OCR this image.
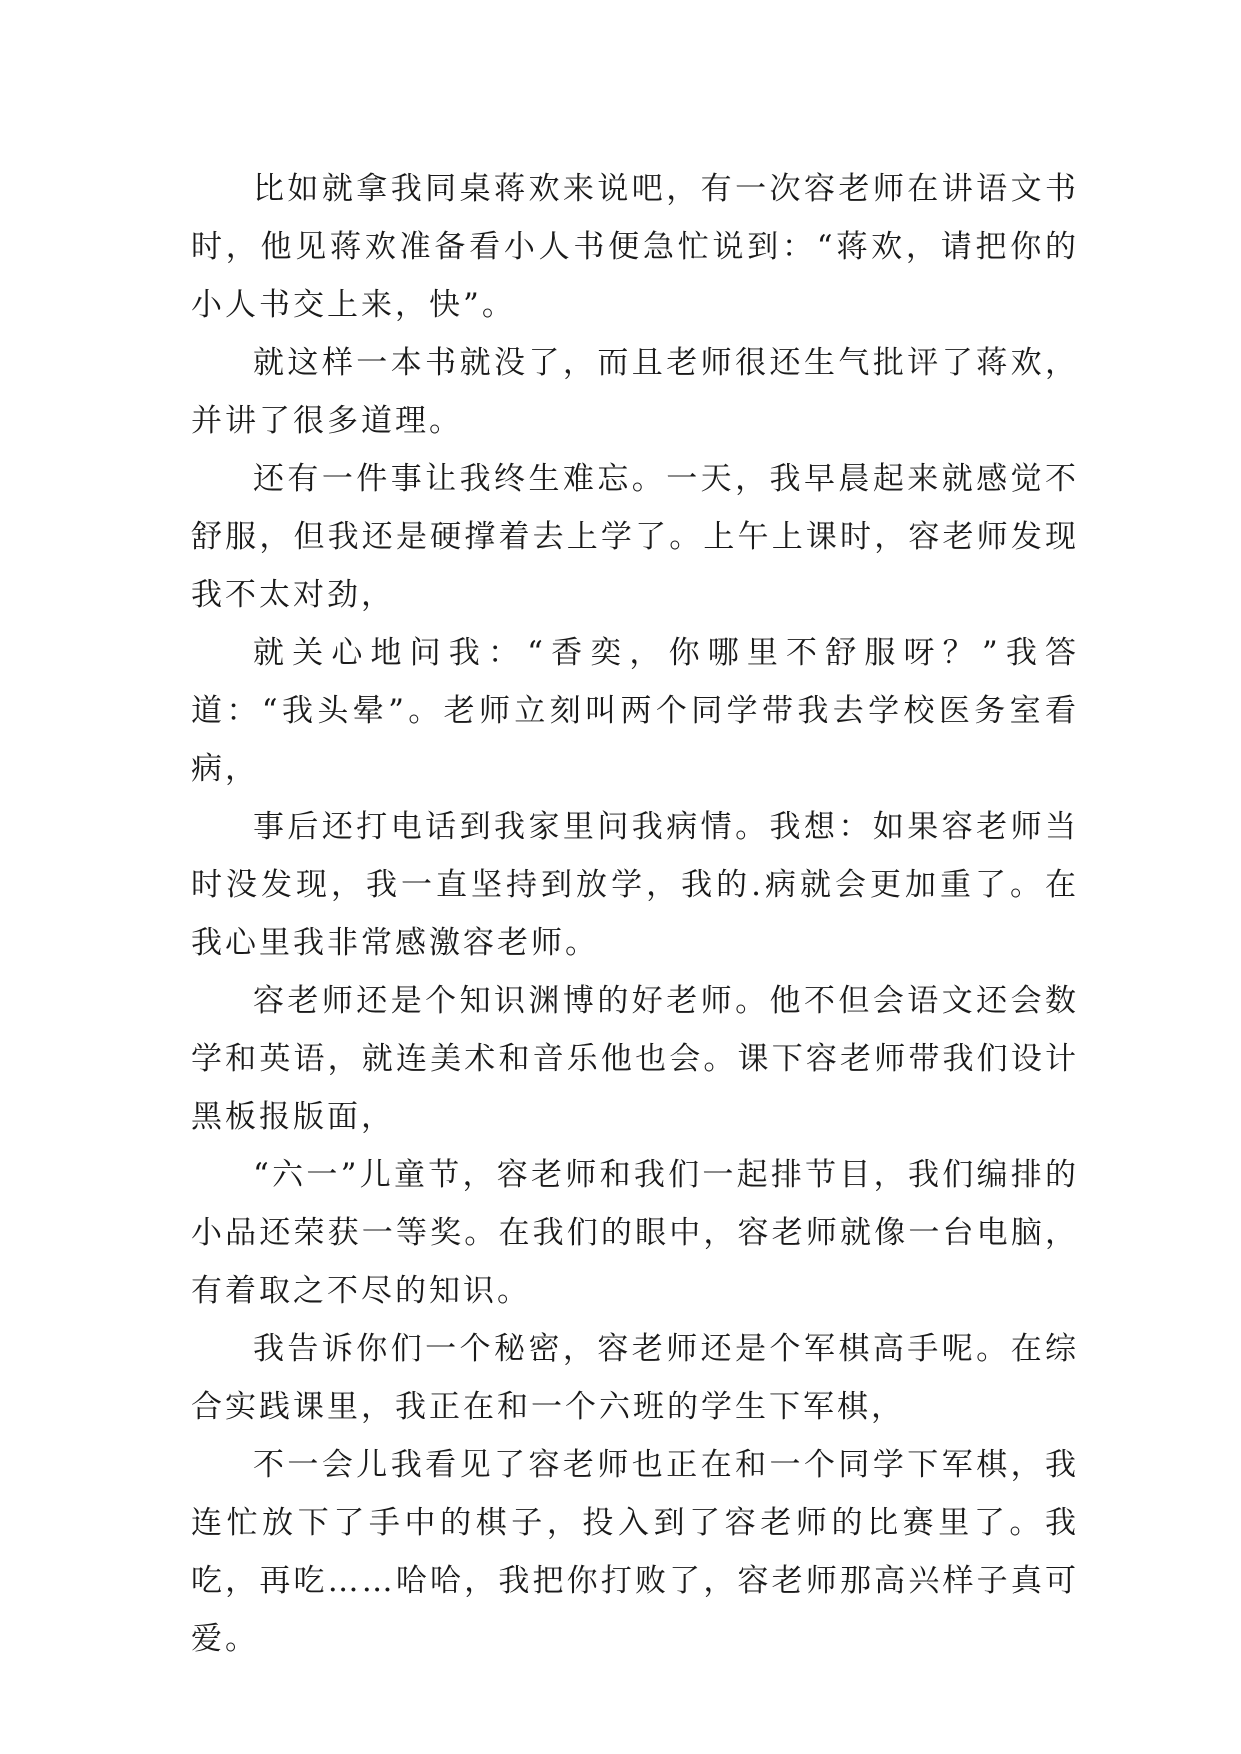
比如就拿我同桌蒋欢来说吧，有一次容老师在讲语文书时，他见蒋欢准备看小人书便急忙说到：“蒋欢，请把你的小人书交上来，快”。

就这样一本书就没了，而且老师很还生气批评了蒋欢，并讲了很多道理。

还有一件事让我终生难忘。一天，我早晨起来就感觉不舒服，但我还是硬撑着去上学了。上午上课时，容老师发现我不太对劲，

就关心地问我：“香奕，你哪里不舒服呀？”我答道：“我头晕”。老师立刻叫两个同学带我去学校医务室看病，

事后还打电话到我家里问我病情。我想：如果容老师当时没发现，我一直坚持到放学，我的.病就会更加重了。在我心里我非常感激容老师。

容老师还是个知识渊博的好老师。他不但会语文还会数学和英语，就连美术和音乐他也会。课下容老师带我们设计黑板报版面，

“六一”儿童节，容老师和我们一起排节目，我们编排的小品还荣获一等奖。在我们的眼中，容老师就像一台电脑，有着取之不尽的知识。

我告诉你们一个秘密，容老师还是个军棋高手呢。在综合实践课里，我正在和一个六班的学生下军棋，

不一会儿我看见了容老师也正在和一个同学下军棋，我连忙放下了手中的棋子，投入到了容老师的比赛里了。我吃，再吃……哈哈，我把你打败了，容老师那高兴样子真可爱。
